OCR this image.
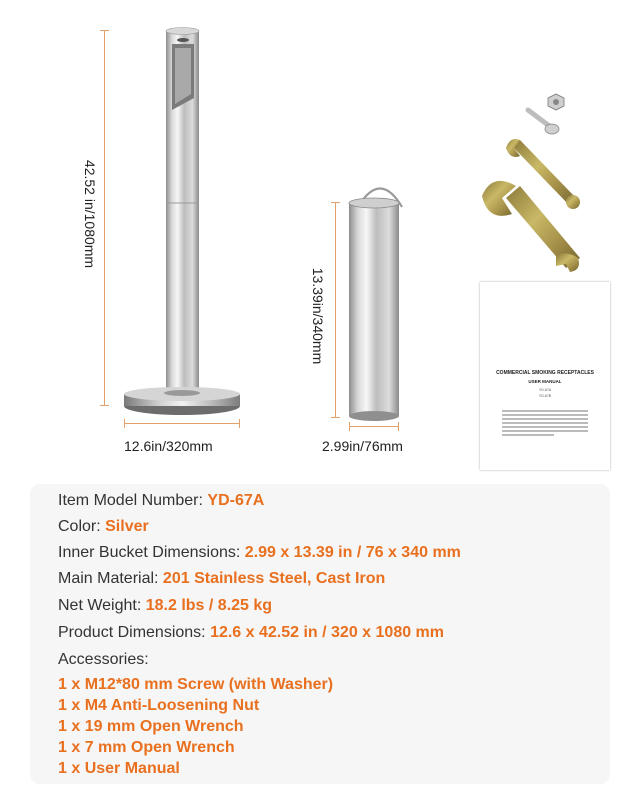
42.52 in/1080mm
12.6in/320mm
13.39in/340mm
2.99in/76mm
COMMERCIAL SMOKING RECEPTACLES
USER MANUAL
YD-67A
YD-67B
Item Model Number: YD-67A
Color: Silver
Inner Bucket Dimensions: 2.99 x 13.39 in / 76 x 340 mm
Main Material: 201 Stainless Steel, Cast Iron
Net Weight: 18.2 lbs / 8.25 kg
Product Dimensions: 12.6 x 42.52 in / 320 x 1080 mm
Accessories:
1 x M12*80 mm Screw (with Washer)
1 x M4 Anti-Loosening Nut
1 x 19 mm Open Wrench
1 x 7 mm Open Wrench
1 x User Manual
